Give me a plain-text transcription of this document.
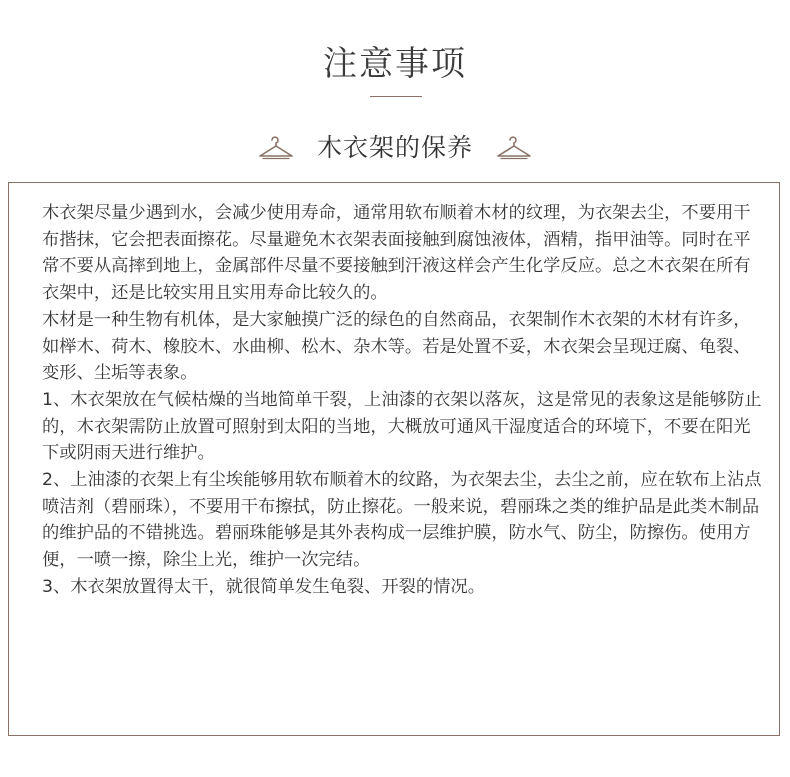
注意事项
木衣架的保养

木衣架尽量少遇到水，会减少使用寿命，通常用软布顺着木材的纹理，为衣架去尘，不要用干布揩抹，它会把表面擦花。尽量避免木衣架表面接触到腐蚀液体，酒精，指甲油等。同时在平常不要从高摔到地上，金属部件尽量不要接触到汗液这样会产生化学反应。总之木衣架在所有衣架中，还是比较实用且实用寿命比较久的。

木材是一种生物有机体，是大家触摸广泛的绿色的自然商品，衣架制作木衣架的木材有许多，如榉木、荷木、橡胶木、水曲柳、松木、杂木等。若是处置不妥，木衣架会呈现迂腐、龟裂、变形、尘垢等表象。

1、木衣架放在气候枯燥的当地简单干裂，上油漆的衣架以落灰，这是常见的表象这是能够防止的，木衣架需防止放置可照射到太阳的当地，大概放可通风干湿度适合的环境下，不要在阳光下或阴雨天进行维护。

2、上油漆的衣架上有尘埃能够用软布顺着木的纹路，为衣架去尘，去尘之前，应在软布上沾点喷洁剂（碧丽珠），不要用干布擦拭，防止擦花。一般来说，碧丽珠之类的维护品是此类木制品的维护品的不错挑选。碧丽珠能够是其外表构成一层维护膜，防水气、防尘，防擦伤。使用方便，一喷一擦，除尘上光，维护一次完结。

3、木衣架放置得太干，就很简单发生龟裂、开裂的情况。
